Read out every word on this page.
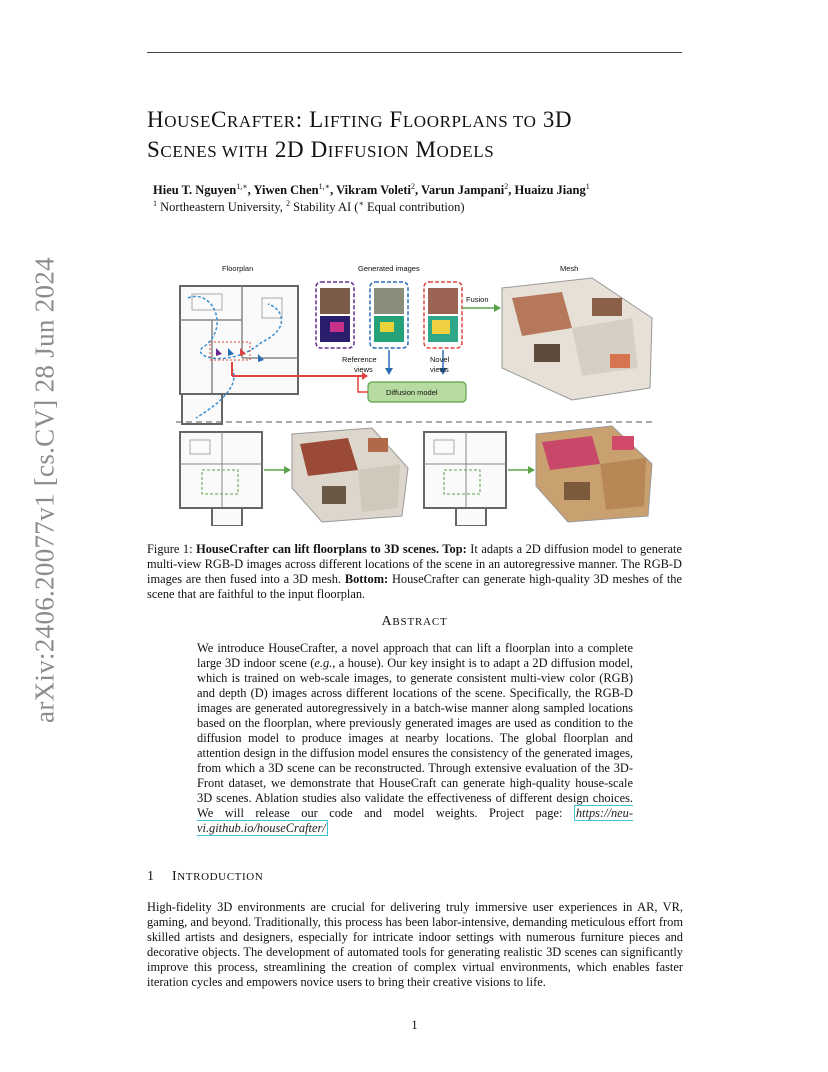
arXiv:2406.20077v1 [cs.CV] 28 Jun 2024
HOUSECRAFTER: LIFTING FLOORPLANS TO 3D
SCENES WITH 2D DIFFUSION MODELS
Hieu T. Nguyen$^{1,∗}$, Yiwen Chen$^{1,∗}$, Vikram Voleti$^2$, Varun Jampani$^2$, Huaizu Jiang$^1$
$^1$ Northeastern University, $^2$ Stability AI (∗ Equal contribution)
Floorplan	Generated images	Mesh
Reference
views
Novel
views
Diffusion model
Fusion
Figure 1: HouseCrafter can lift floorplans to 3D scenes. Top: It adapts a 2D diffusion model to generate multi-view RGB-D images across different locations of the scene in an autoregressive manner. The RGB-D images are then fused into a 3D mesh. Bottom: HouseCrafter can generate high-quality 3D meshes of the scene that are faithful to the input floorplan.
ABSTRACT
We introduce HouseCrafter, a novel approach that can lift a floorplan into a complete large 3D indoor scene (e.g., a house). Our key insight is to adapt a 2D diffusion model, which is trained on web-scale images, to generate consistent multi-view color (RGB) and depth (D) images across different locations of the scene. Specifically, the RGB-D images are generated autoregressively in a batch-wise manner along sampled locations based on the floorplan, where previously generated images are used as condition to the diffusion model to produce images at nearby locations. The global floorplan and attention design in the diffusion model ensures the consistency of the generated images, from which a 3D scene can be reconstructed. Through extensive evaluation of the 3D-Front dataset, we demonstrate that HouseCraft can generate high-quality house-scale 3D scenes. Ablation studies also validate the effectiveness of different design choices. We will release our code and model weights. Project page: https://neu-vi.github.io/houseCrafter/
1 INTRODUCTION
High-fidelity 3D environments are crucial for delivering truly immersive user experiences in AR, VR, gaming, and beyond. Traditionally, this process has been labor-intensive, demanding meticulous effort from skilled artists and designers, especially for intricate indoor settings with numerous furniture pieces and decorative objects. The development of automated tools for generating realistic 3D scenes can significantly improve this process, streamlining the creation of complex virtual environments, which enables faster iteration cycles and empowers novice users to bring their creative visions to life.
1
